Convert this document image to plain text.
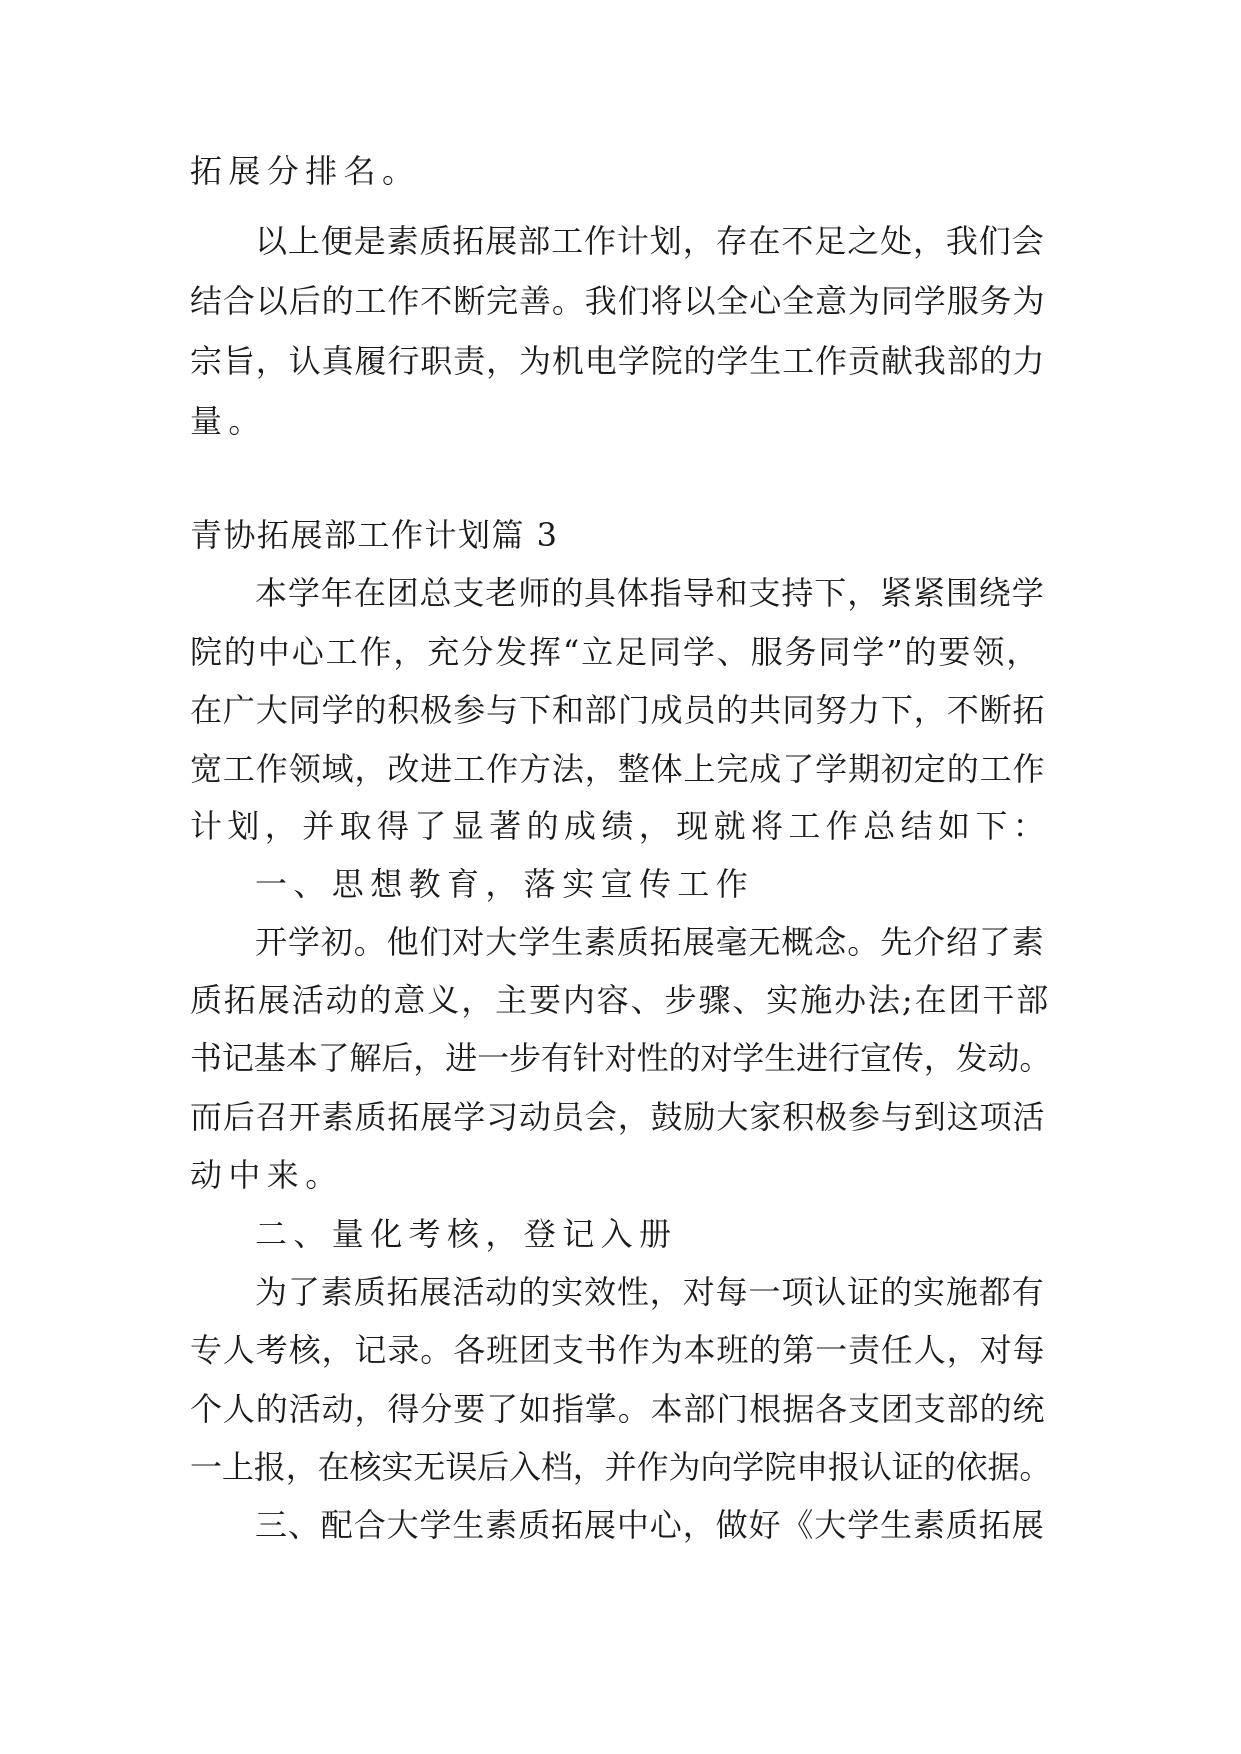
拓展分排名。

以上便是素质拓展部工作计划，存在不足之处，我们会

结合以后的工作不断完善。我们将以全心全意为同学服务为

宗旨，认真履行职责，为机电学院的学生工作贡献我部的力

量。

青协拓展部工作计划篇 3

本学年在团总支老师的具体指导和支持下，紧紧围绕学

院的中心工作，充分发挥“立足同学、服务同学”的要领，

在广大同学的积极参与下和部门成员的共同努力下，不断拓

宽工作领域，改进工作方法，整体上完成了学期初定的工作

计划，并取得了显著的成绩，现就将工作总结如下：

一、思想教育，落实宣传工作

开学初。他们对大学生素质拓展毫无概念。先介绍了素

质拓展活动的意义，主要内容、步骤、实施办法;在团干部

书记基本了解后，进一步有针对性的对学生进行宣传，发动。

而后召开素质拓展学习动员会，鼓励大家积极参与到这项活

动中来。

二、量化考核，登记入册

为了素质拓展活动的实效性，对每一项认证的实施都有

专人考核，记录。各班团支书作为本班的第一责任人，对每

个人的活动，得分要了如指掌。本部门根据各支团支部的统

一上报，在核实无误后入档，并作为向学院申报认证的依据。

三、配合大学生素质拓展中心，做好《大学生素质拓展
